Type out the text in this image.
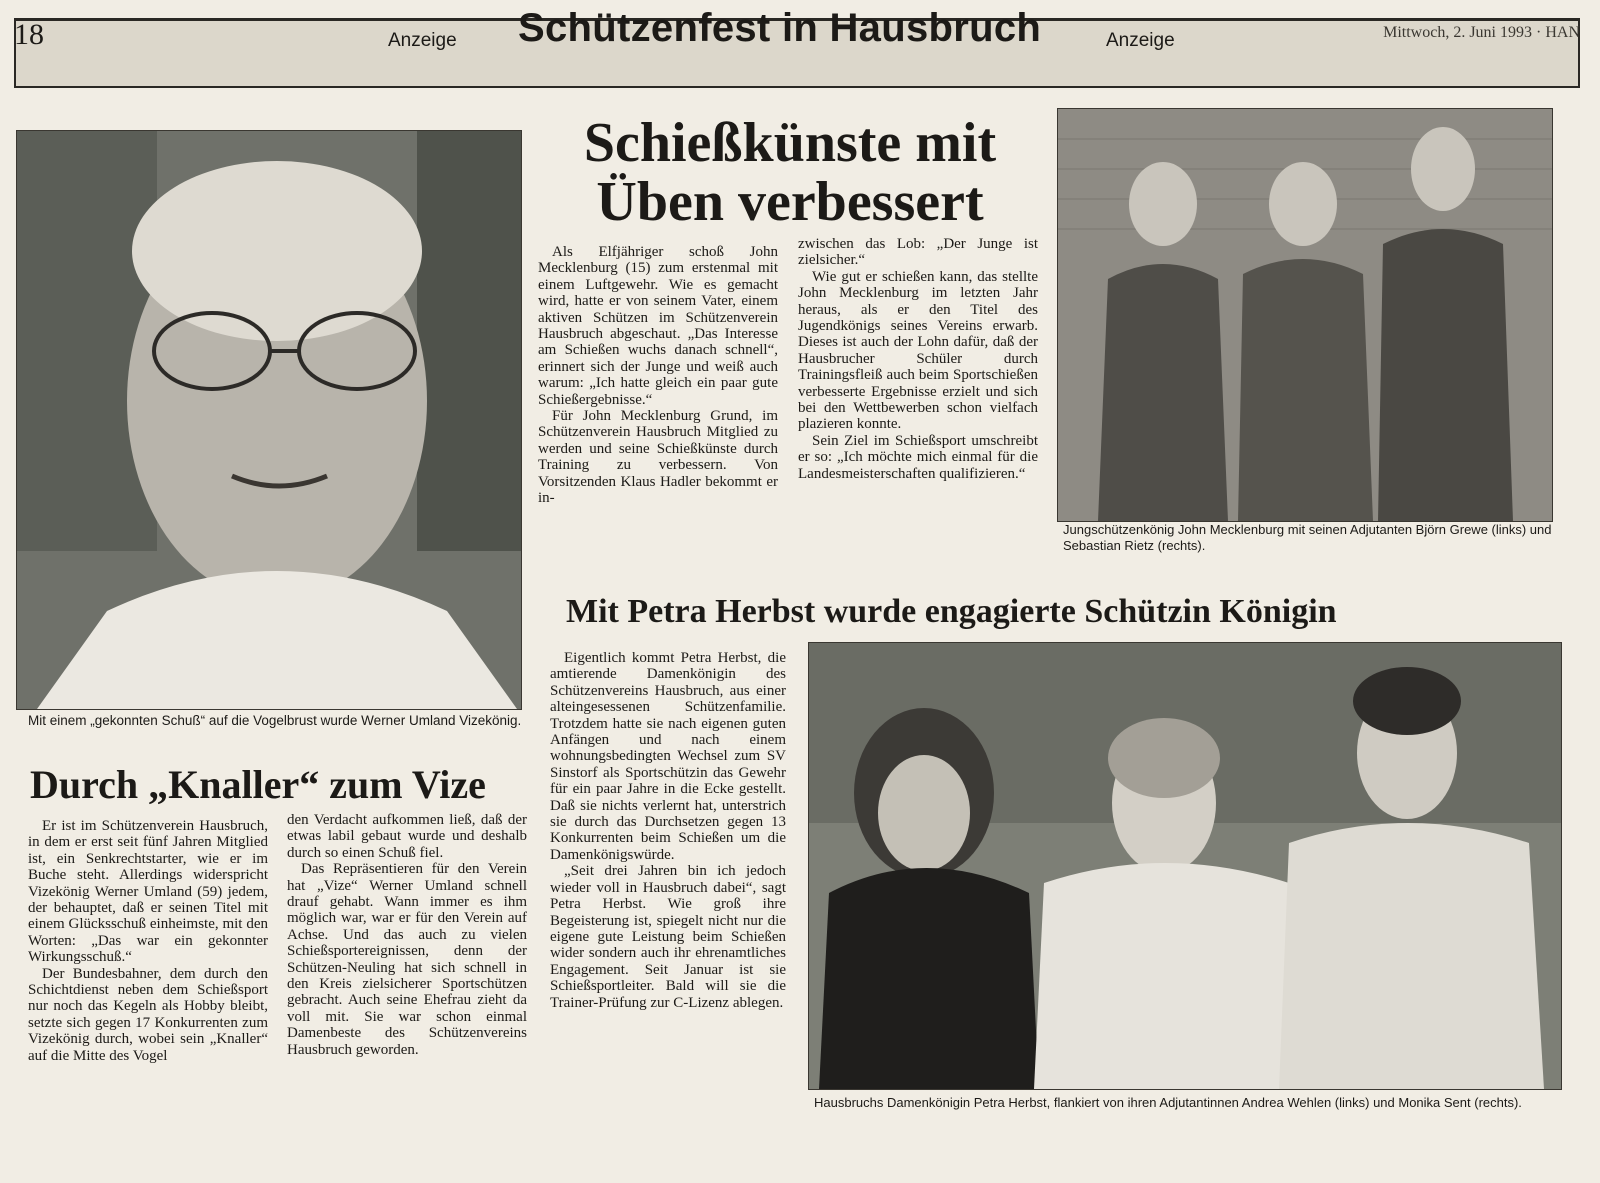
18	Anzeige Schützenfest in Hausbruch	Anzeige	Mittwoch, 2. Juni 1993 · HAN
Mit einem „gekonnten Schuß“ auf die Vogelbrust wurde Werner Umland Vizekönig.
Durch „Knaller“ zum Vize

Er ist im Schützenverein Hausbruch, in dem er erst seit fünf Jahren Mitglied ist, ein Senkrechtstarter, wie er im Buche steht. Allerdings widerspricht Vizekönig Werner Umland (59) jedem, der behauptet, daß er seinen Titel mit einem Glücksschuß einheimste, mit den Worten: „Das war ein gekonnter Wirkungsschuß.“

Der Bundesbahner, dem durch den Schichtdienst neben dem Schießsport nur noch das Kegeln als Hobby bleibt, setzte sich gegen 17 Konkurrenten zum Vizekönig durch, wobei sein „Knaller“ auf die Mitte des Vogel

den Verdacht aufkommen ließ, daß der etwas labil gebaut wurde und deshalb durch so einen Schuß fiel.

Das Repräsentieren für den Verein hat „Vize“ Werner Umland schnell drauf gehabt. Wann immer es ihm möglich war, war er für den Verein auf Achse. Und das auch zu vielen Schießsportereignissen, denn der Schützen-Neuling hat sich schnell in den Kreis zielsicherer Sportschützen gebracht. Auch seine Ehefrau zieht da voll mit. Sie war schon einmal Damenbeste des Schützenvereins Hausbruch geworden.

Schießkünste mit
Üben verbessert

Als Elfjähriger schoß John Mecklenburg (15) zum erstenmal mit einem Luftgewehr. Wie es gemacht wird, hatte er von seinem Vater, einem aktiven Schützen im Schützenverein Hausbruch abgeschaut. „Das Interesse am Schießen wuchs danach schnell“, erinnert sich der Junge und weiß auch warum: „Ich hatte gleich ein paar gute Schießergebnisse.“

Für John Mecklenburg Grund, im Schützenverein Hausbruch Mitglied zu werden und seine Schießkünste durch Training zu verbessern. Von Vorsitzenden Klaus Hadler bekommt er in-

zwischen das Lob: „Der Junge ist zielsicher.“

Wie gut er schießen kann, das stellte John Mecklenburg im letzten Jahr heraus, als er den Titel des Jugendkönigs seines Vereins erwarb. Dieses ist auch der Lohn dafür, daß der Hausbrucher Schüler durch Trainingsfleiß auch beim Sportschießen verbesserte Ergebnisse erzielt und sich bei den Wettbewerben schon vielfach plazieren konnte.

Sein Ziel im Schießsport umschreibt er so: „Ich möchte mich einmal für die Landesmeisterschaften qualifizieren.“

Jungschützenkönig John Mecklenburg mit seinen Adjutanten Björn Grewe (links) und Sebastian Rietz (rechts).
Mit Petra Herbst wurde engagierte Schützin Königin

Eigentlich kommt Petra Herbst, die amtierende Damenkönigin des Schützenvereins Hausbruch, aus einer alteingesessenen Schützenfamilie. Trotzdem hatte sie nach eigenen guten Anfängen und nach einem wohnungsbedingten Wechsel zum SV Sinstorf als Sportschützin das Gewehr für ein paar Jahre in die Ecke gestellt. Daß sie nichts verlernt hat, unterstrich sie durch das Durchsetzen gegen 13 Konkurrenten beim Schießen um die Damenkönigswürde.

„Seit drei Jahren bin ich jedoch wieder voll in Hausbruch dabei“, sagt Petra Herbst. Wie groß ihre Begeisterung ist, spiegelt nicht nur die eigene gute Leistung beim Schießen wider sondern auch ihr ehrenamtliches Engagement. Seit Januar ist sie Schießsportleiter. Bald will sie die Trainer-Prüfung zur C-Lizenz ablegen.

Hausbruchs Damenkönigin Petra Herbst, flankiert von ihren Adjutantinnen Andrea Wehlen (links) und Monika Sent (rechts).
